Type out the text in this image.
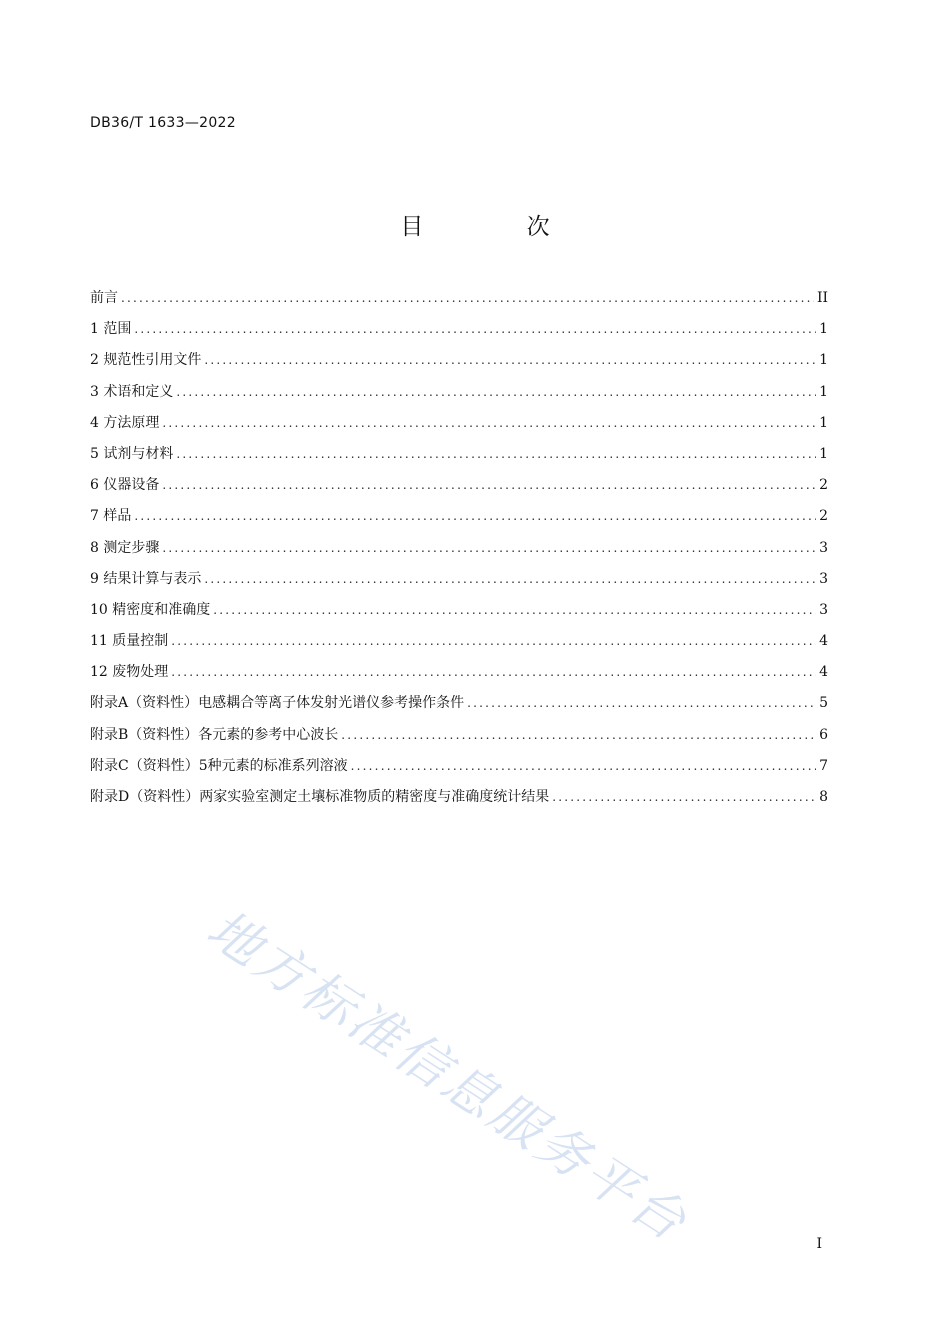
DB36/T 1633—2022
目 次
前言 .....	II
1 范围 .....	1
2 规范性引用文件 .....	1
3 术语和定义 .....	1
4 方法原理 .....	1
5 试剂与材料 .....	1
6 仪器设备 .....	2
7 样品 .....	2
8 测定步骤 .....	3
9 结果计算与表示 .....	3
10 精密度和准确度 .....	3
11 质量控制 .....	4
12 废物处理 .....	4
附录A（资料性）电感耦合等离子体发射光谱仪参考操作条件 .....	5
附录B（资料性）各元素的参考中心波长 .....	6
附录C（资料性）5种元素的标准系列溶液 .....	7
附录D（资料性）两家实验室测定土壤标准物质的精密度与准确度统计结果 .....	8
地方标准信息服务平台	I
